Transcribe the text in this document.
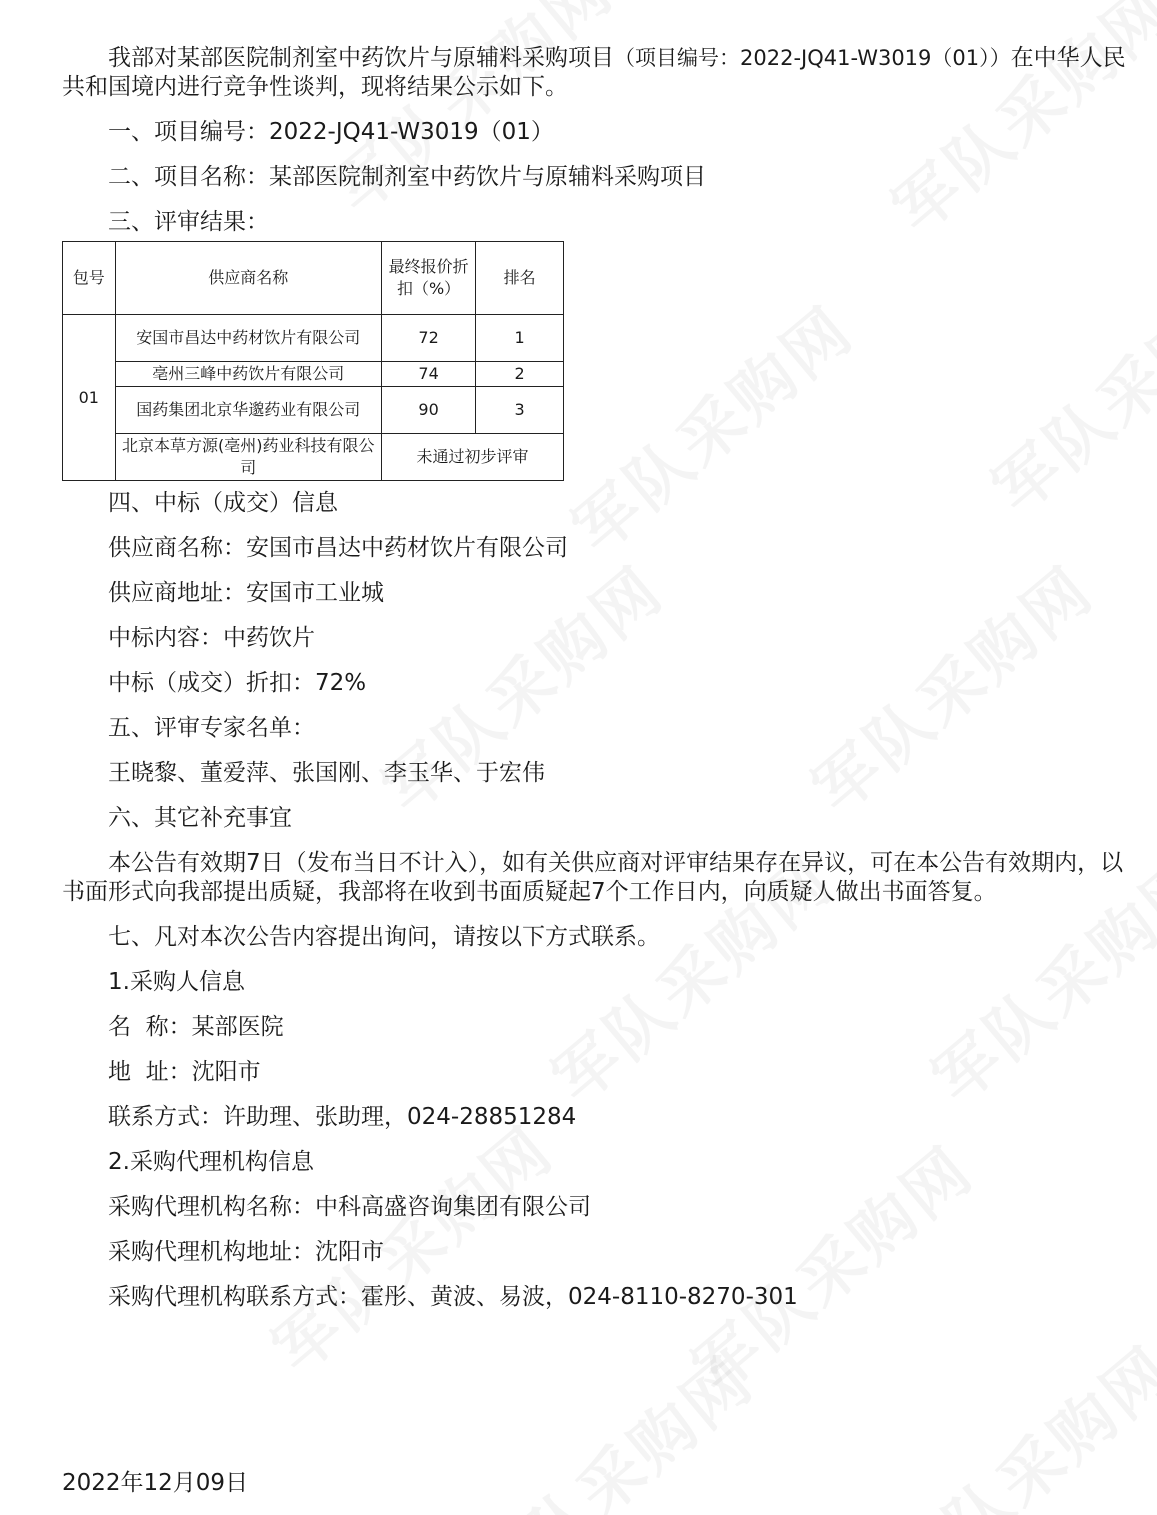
我部对某部医院制剂室中药饮片与原辅料采购项目（项目编号：2022-JQ41-W3019（01））在中华人民共和国境内进行竞争性谈判，现将结果公示如下。

一、项目编号：2022-JQ41-W3019（01）

二、项目名称：某部医院制剂室中药饮片与原辅料采购项目

三、评审结果：

包号	供应商名称	最终报价折扣（%）	排名
01	安国市昌达中药材饮片有限公司	72	1
	亳州三峰中药饮片有限公司	74	2
	国药集团北京华邈药业有限公司	90	3
	北京本草方源(亳州)药业科技有限公司	未通过初步评审	

四、中标（成交）信息

供应商名称：安国市昌达中药材饮片有限公司

供应商地址：安国市工业城

中标内容：中药饮片

中标（成交）折扣：72%

五、评审专家名单：

王晓黎、董爱萍、张国刚、李玉华、于宏伟

六、其它补充事宜

本公告有效期7日（发布当日不计入），如有关供应商对评审结果存在异议，可在本公告有效期内，以书面形式向我部提出质疑，我部将在收到书面质疑起7个工作日内，向质疑人做出书面答复。

七、凡对本次公告内容提出询问，请按以下方式联系。

1.采购人信息

名  称：某部医院

地  址：沈阳市

联系方式：许助理、张助理，024-28851284

2.采购代理机构信息

采购代理机构名称：中科高盛咨询集团有限公司

采购代理机构地址：沈阳市

采购代理机构联系方式：霍彤、黄波、易波，024-8110-8270-301

2022年12月09日
